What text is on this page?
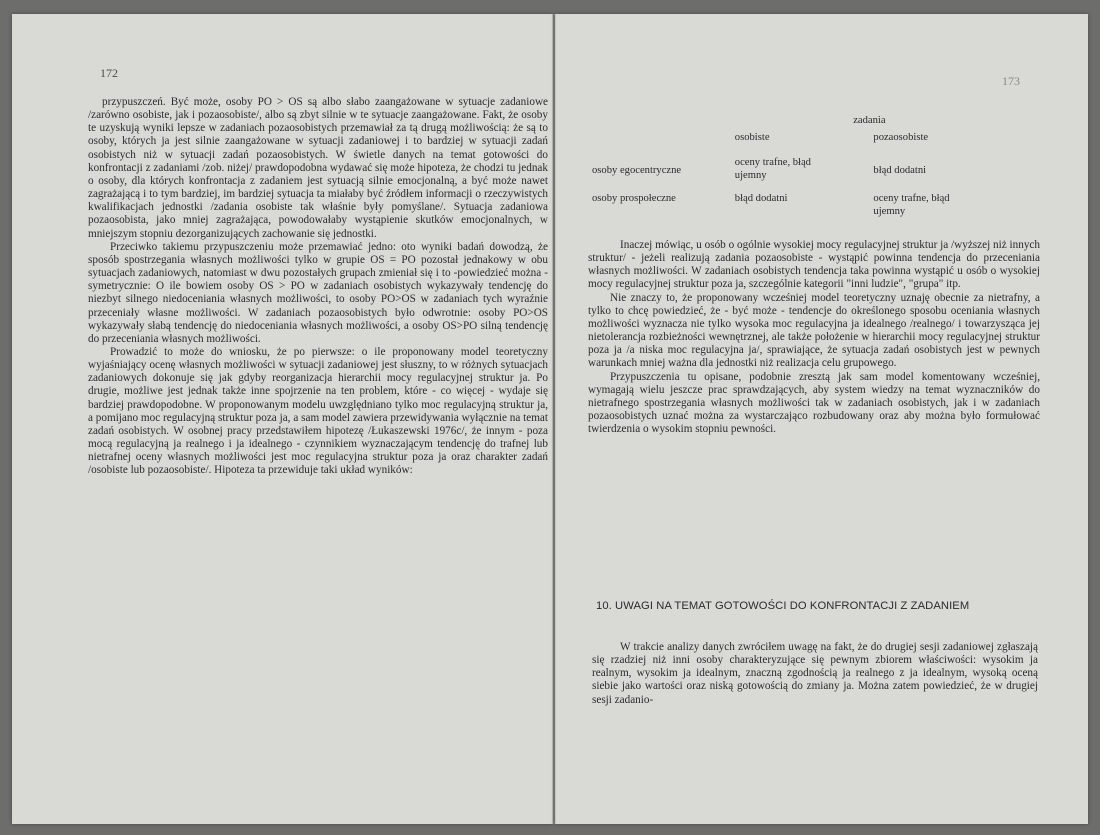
172

przypuszczeń. Być może, osoby PO > OS są albo słabo zaangażowane w sytuacje zadaniowe /zarówno osobiste, jak i pozaosobiste/, albo są zbyt silnie w te sytuacje zaangażowane. Fakt, że osoby te uzyskują wyniki lepsze w zadaniach pozaosobistych przemawiał za tą drugą możliwością: że są to osoby, których ja jest silnie zaangażowane w sytuacji zadaniowej i to bardziej w sytuacji zadań osobistych niż w sytuacji zadań pozaosobistych. W świetle danych na temat gotowości do konfrontacji z zadaniami /zob. niżej/ prawdopodobna wydawać się może hipoteza, że chodzi tu jednak o osoby, dla których konfrontacja z zadaniem jest sytuacją silnie emocjonalną, a być może nawet zagrażającą i to tym bardziej, im bardziej sytuacja ta miałaby być źródłem informacji o rzeczywistych kwalifikacjach jednostki /zadania osobiste tak właśnie były pomyślane/. Sytuacja zadaniowa pozaosobista, jako mniej zagrażająca, powodowałaby wystąpienie skutków emocjonalnych, w mniejszym stopniu dezorganizujących zachowanie się jednostki.

Przeciwko takiemu przypuszczeniu może przemawiać jedno: oto wyniki badań dowodzą, że sposób spostrzegania własnych możliwości tylko w grupie OS = PO pozostał jednakowy w obu sytuacjach zadaniowych, natomiast w dwu pozostałych grupach zmieniał się i to -powiedzieć można - symetrycznie: O ile bowiem osoby OS > PO w zadaniach osobistych wykazywały tendencję do niezbyt silnego niedoceniania własnych możliwości, to osoby PO>OS w zadaniach tych wyraźnie przeceniały własne możliwości. W zadaniach pozaosobistych było odwrotnie: osoby PO>OS wykazywały słabą tendencję do niedoceniania własnych możliwości, a osoby OS>PO silną tendencję do przeceniania własnych możliwości.

Prowadzić to może do wniosku, że po pierwsze: o ile proponowany model teoretyczny wyjaśniający ocenę własnych możliwości w sytuacji zadaniowej jest słuszny, to w różnych sytuacjach zadaniowych dokonuje się jak gdyby reorganizacja hierarchii mocy regulacyjnej struktur ja. Po drugie, możliwe jest jednak także inne spojrzenie na ten problem, które - co więcej - wydaje się bardziej prawdopodobne. W proponowanym modelu uwzględniano tylko moc regulacyjną struktur ja, a pomijano moc regulacyjną struktur poza ja, a sam model zawiera przewidywania wyłącznie na temat zadań osobistych. W osobnej pracy przedstawiłem hipotezę /Łukaszewski 1976c/, że innym - poza mocą regulacyjną ja realnego i ja idealnego - czynnikiem wyznaczającym tendencję do trafnej lub nietrafnej oceny własnych możliwości jest moc regulacyjna struktur poza ja oraz charakter zadań /osobiste lub pozaosobiste/. Hipoteza ta przewiduje taki układ wyników:

173
	zadania	
	osobiste	pozaosobiste
osoby egocentryczne	oceny trafne, błąd ujemny	błąd dodatni
osoby prospołeczne	błąd dodatni	oceny trafne, błąd ujemny

Inaczej mówiąc, u osób o ogólnie wysokiej mocy regulacyjnej struktur ja /wyższej niż innych struktur/ - jeżeli realizują zadania pozaosobiste - wystąpić powinna tendencja do przeceniania własnych możliwości. W zadaniach osobistych tendencja taka powinna wystąpić u osób o wysokiej mocy regulacyjnej struktur poza ja, szczególnie kategorii "inni ludzie", "grupa" itp.

Nie znaczy to, że proponowany wcześniej model teoretyczny uznaję obecnie za nietrafny, a tylko to chcę powiedzieć, że - być może - tendencje do określonego sposobu oceniania własnych możliwości wyznacza nie tylko wysoka moc regulacyjna ja idealnego /realnego/ i towarzysząca jej nietolerancja rozbieżności wewnętrznej, ale także położenie w hierarchii mocy regulacyjnej struktur poza ja /a niska moc regulacyjna ja/, sprawiające, że sytuacja zadań osobistych jest w pewnych warunkach mniej ważna dla jednostki niż realizacja celu grupowego.

Przypuszczenia tu opisane, podobnie zresztą jak sam model komentowany wcześniej, wymagają wielu jeszcze prac sprawdzających, aby system wiedzy na temat wyznaczników do nietrafnego spostrzegania własnych możliwości tak w zadaniach osobistych, jak i w zadaniach pozaosobistych uznać można za wystarczająco rozbudowany oraz aby można było formułować twierdzenia o wysokim stopniu pewności.

10. UWAGI NA TEMAT GOTOWOŚCI DO KONFRONTACJI Z ZADANIEM

W trakcie analizy danych zwróciłem uwagę na fakt, że do drugiej sesji zadaniowej zgłaszają się rzadziej niż inni osoby charakteryzujące się pewnym zbiorem właściwości: wysokim ja realnym, wysokim ja idealnym, znaczną zgodnością ja realnego z ja idealnym, wysoką oceną siebie jako wartości oraz niską gotowością do zmiany ja. Można zatem powiedzieć, że w drugiej sesji zadanio-
